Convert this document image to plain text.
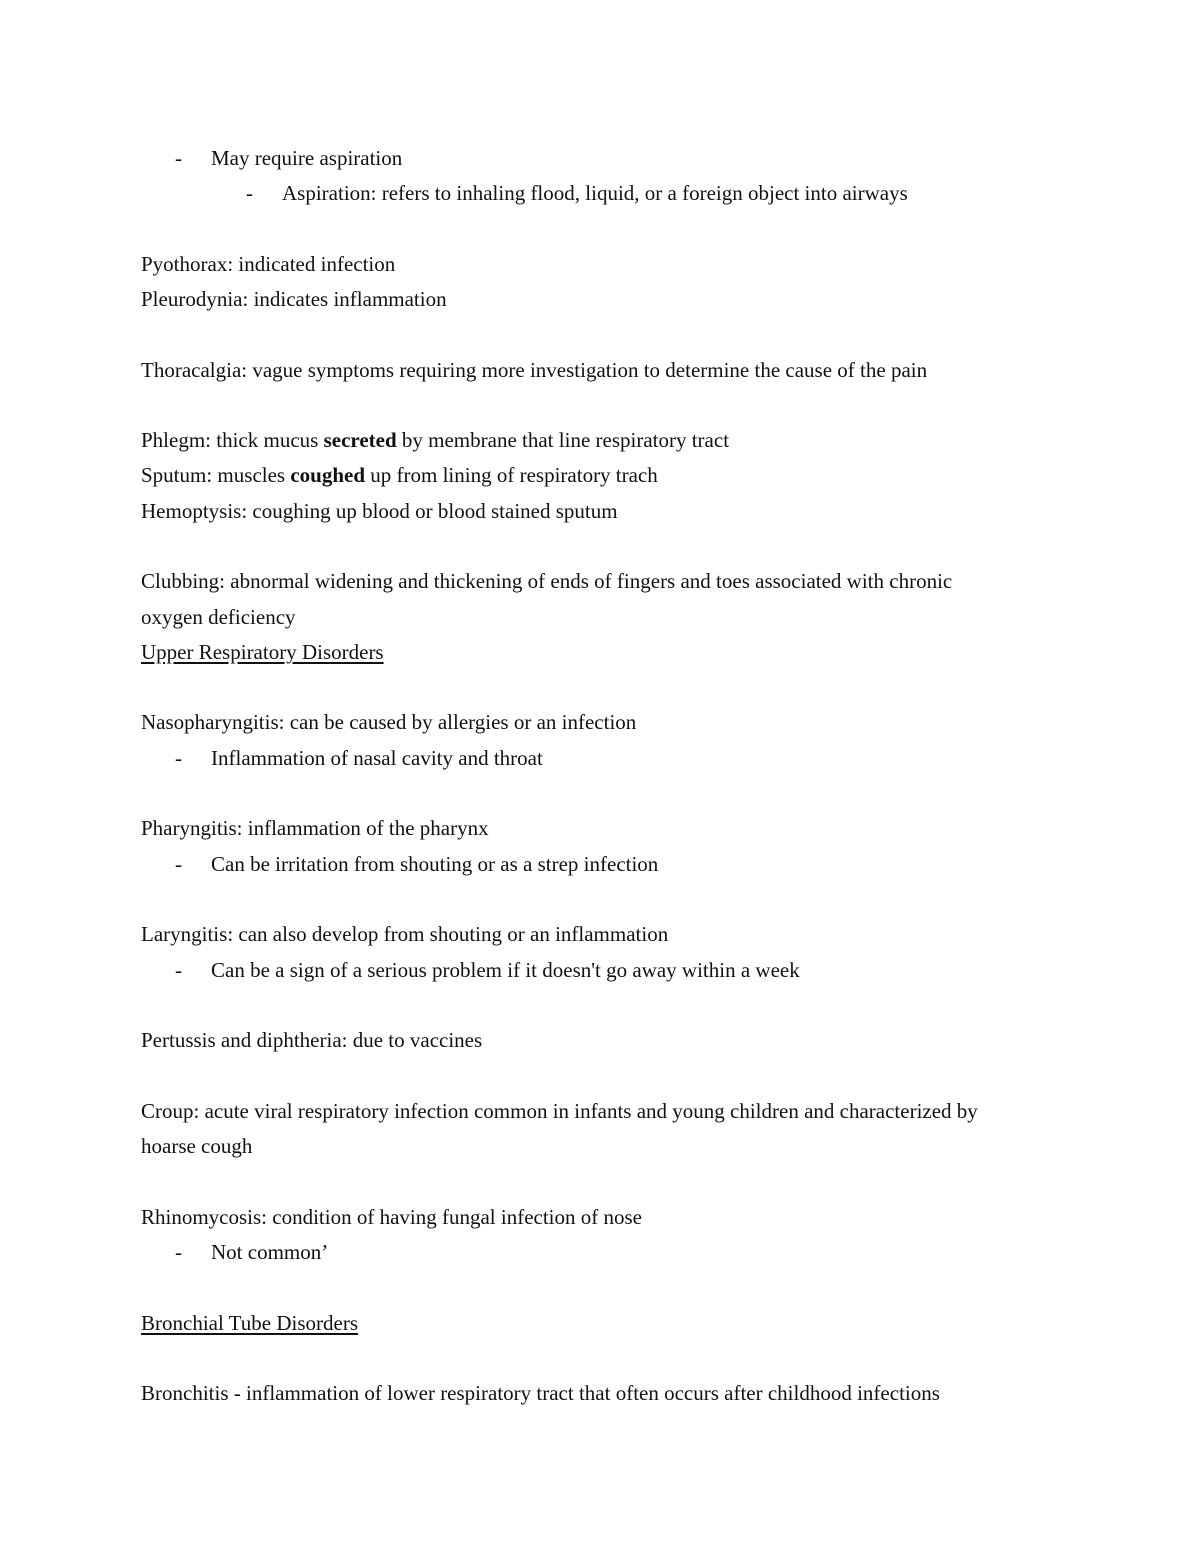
- May require aspiration
- Aspiration: refers to inhaling flood, liquid, or a foreign object into airways
Pyothorax: indicated infection
Pleurodynia: indicates inflammation
Thoracalgia: vague symptoms requiring more investigation to determine the cause of the pain
Phlegm: thick mucus secreted by membrane that line respiratory tract
Sputum: muscles coughed up from lining of respiratory trach
Hemoptysis: coughing up blood or blood stained sputum
Clubbing: abnormal widening and thickening of ends of fingers and toes associated with chronic
oxygen deficiency
Upper Respiratory Disorders
Nasopharyngitis: can be caused by allergies or an infection
- Inflammation of nasal cavity and throat
Pharyngitis: inflammation of the pharynx
- Can be irritation from shouting or as a strep infection
Laryngitis: can also develop from shouting or an inflammation
- Can be a sign of a serious problem if it doesn't go away within a week
Pertussis and diphtheria: due to vaccines
Croup: acute viral respiratory infection common in infants and young children and characterized by
hoarse cough
Rhinomycosis: condition of having fungal infection of nose
- Not common’
Bronchial Tube Disorders
Bronchitis - inflammation of lower respiratory tract that often occurs after childhood infections
